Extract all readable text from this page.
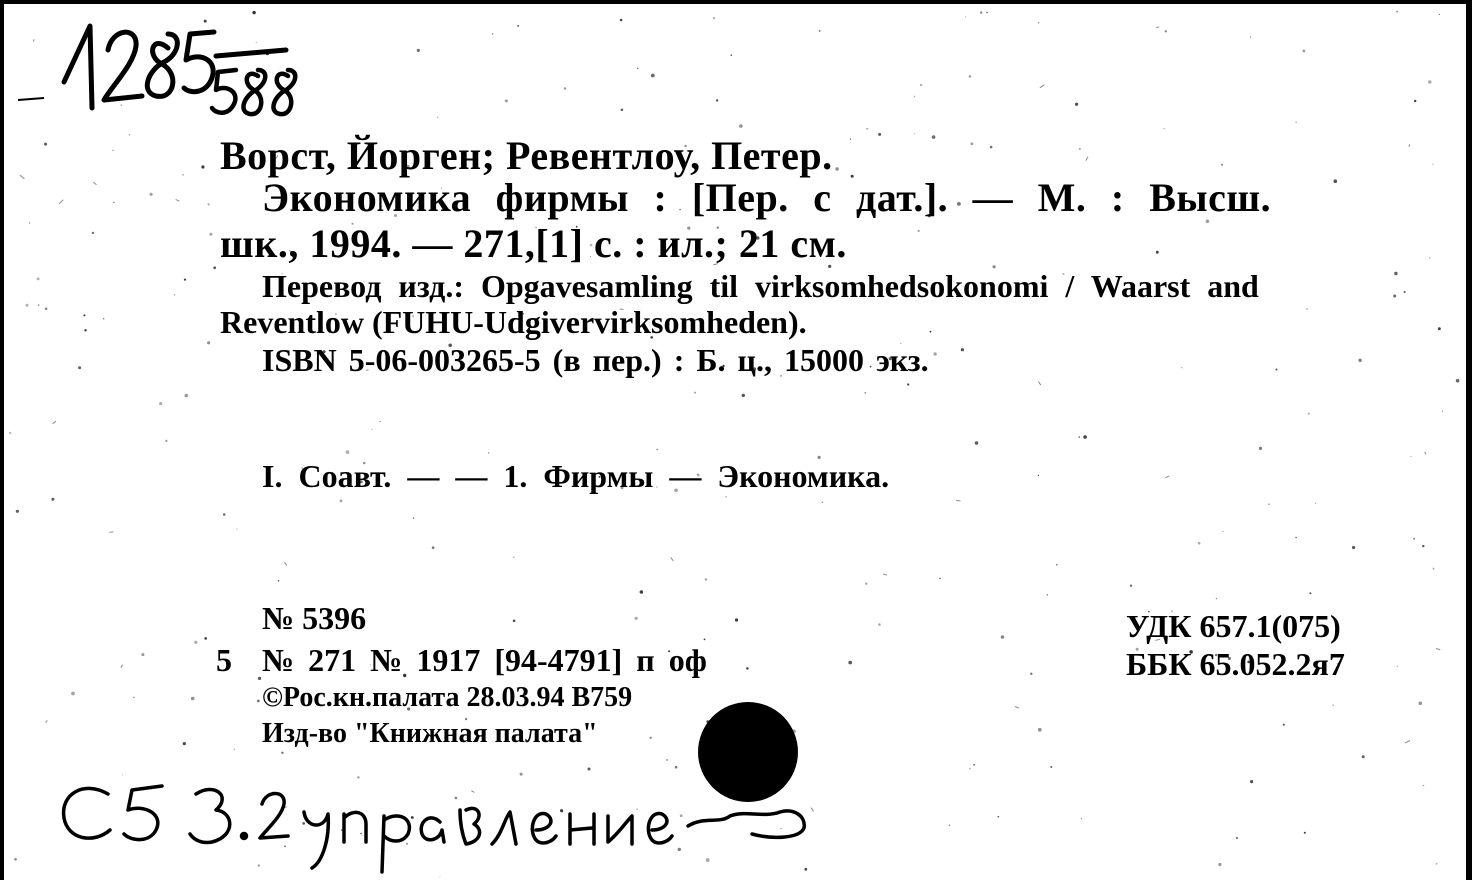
Ворст, Йорген; Ревентлоу, Петер.

Экономика фирмы : [Пер. с дат.]. — М. : Высш.

шк., 1994. — 271,[1] с. : ил.; 21 см.

Перевод изд.: Opgavesamling til virksomhedsokonomi / Waarst and

Reventlow (FUHU-Udgivervirksomheden).

ISBN 5-06-003265-5 (в пер.) : Б. ц., 15000 экз.

I. Соавт. — — 1. Фирмы — Экономика.

№ 5396

5 № 271 № 1917 [94-4791] п оф

©Рос.кн.палата 28.03.94 B759

Изд-во "Книжная палата"

УДК 657.1(075)

ББК 65.052.2я7
